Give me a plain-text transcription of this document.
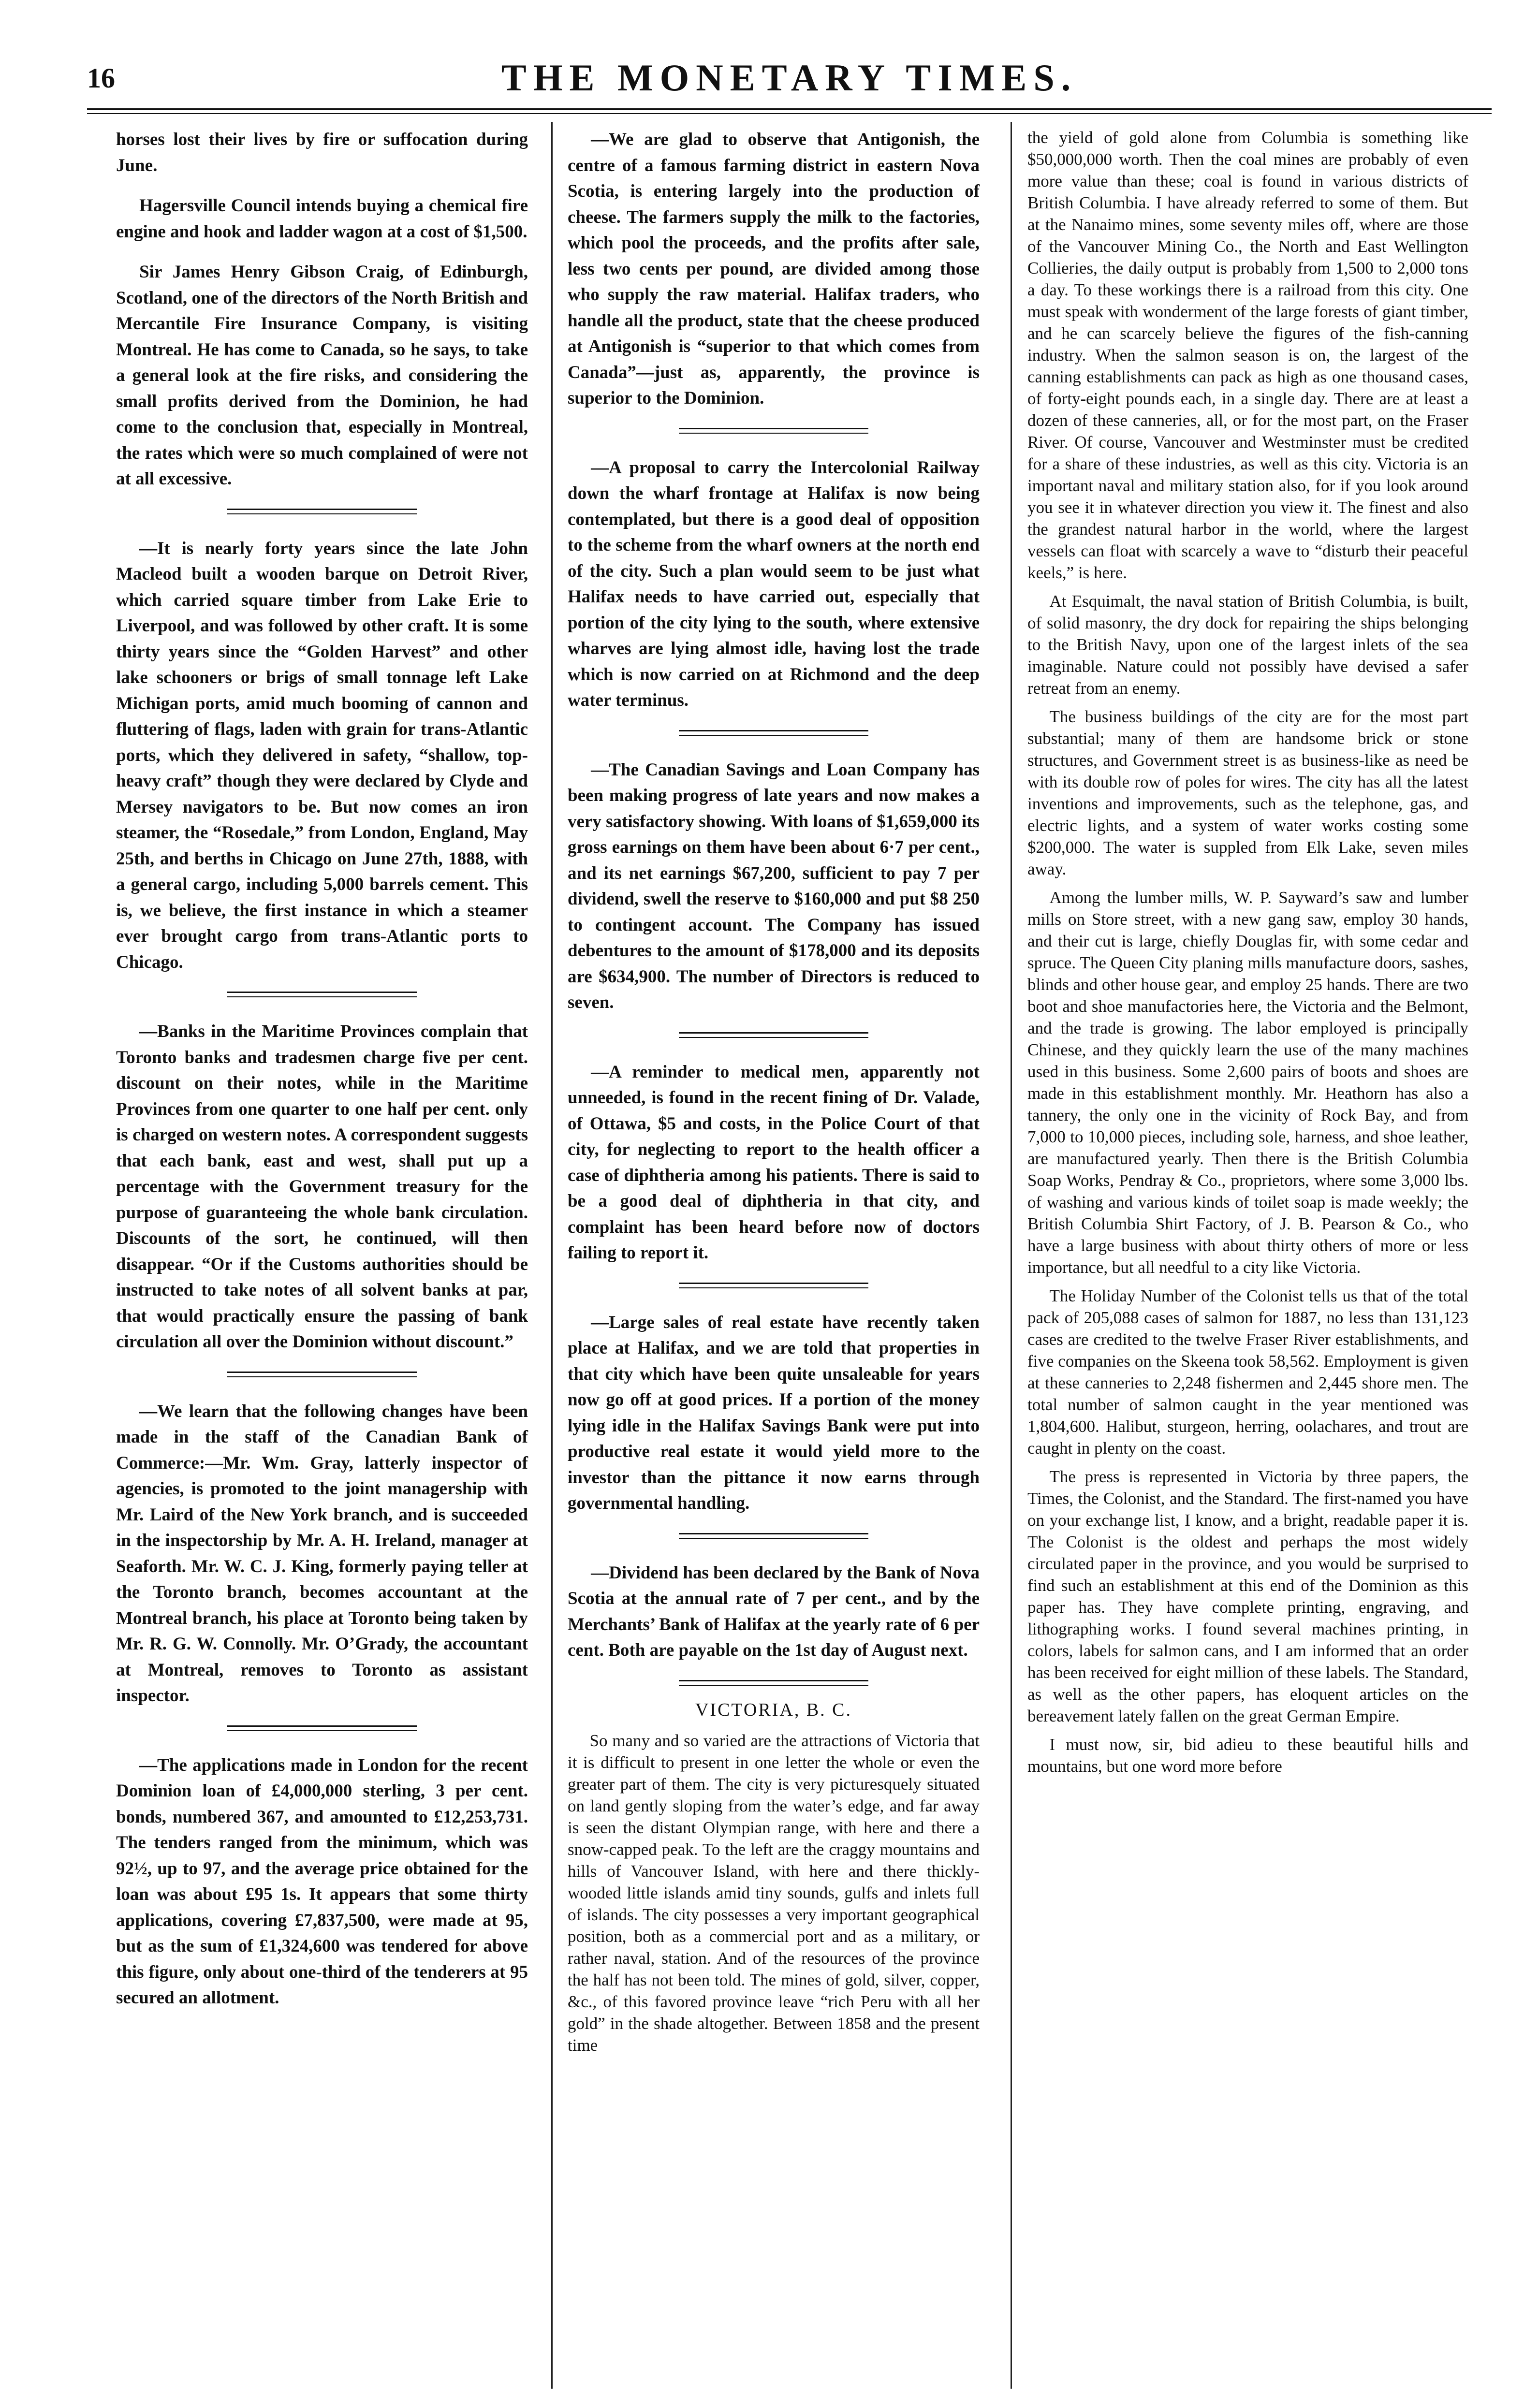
16	THE MONETARY TIMES.

horses lost their lives by fire or suffocation during June.

Hagersville Council intends buying a chemical fire engine and hook and ladder wagon at a cost of $1,500.

Sir James Henry Gibson Craig, of Edinburgh, Scotland, one of the directors of the North British and Mercantile Fire Insurance Company, is visiting Montreal. He has come to Canada, so he says, to take a general look at the fire risks, and considering the small profits derived from the Dominion, he had come to the conclusion that, especially in Montreal, the rates which were so much complained of were not at all excessive.

—It is nearly forty years since the late John Macleod built a wooden barque on Detroit River, which carried square timber from Lake Erie to Liverpool, and was followed by other craft. It is some thirty years since the “Golden Harvest” and other lake schooners or brigs of small tonnage left Lake Michigan ports, amid much booming of cannon and fluttering of flags, laden with grain for trans-Atlantic ports, which they delivered in safety, “shallow, top-heavy craft” though they were declared by Clyde and Mersey navigators to be. But now comes an iron steamer, the “Rosedale,” from London, England, May 25th, and berths in Chicago on June 27th, 1888, with a general cargo, including 5,000 barrels cement. This is, we believe, the first instance in which a steamer ever brought cargo from trans-Atlantic ports to Chicago.

—Banks in the Maritime Provinces complain that Toronto banks and tradesmen charge five per cent. discount on their notes, while in the Maritime Provinces from one quarter to one half per cent. only is charged on western notes. A correspondent suggests that each bank, east and west, shall put up a percentage with the Government treasury for the purpose of guaranteeing the whole bank circulation. Discounts of the sort, he continued, will then disappear. “Or if the Customs authorities should be instructed to take notes of all solvent banks at par, that would practically ensure the passing of bank circulation all over the Dominion without discount.”

—We learn that the following changes have been made in the staff of the Canadian Bank of Commerce:—Mr. Wm. Gray, latterly inspector of agencies, is promoted to the joint managership with Mr. Laird of the New York branch, and is succeeded in the inspectorship by Mr. A. H. Ireland, manager at Seaforth. Mr. W. C. J. King, formerly paying teller at the Toronto branch, becomes accountant at the Montreal branch, his place at Toronto being taken by Mr. R. G. W. Connolly. Mr. O’Grady, the accountant at Montreal, removes to Toronto as assistant inspector.

—The applications made in London for the recent Dominion loan of £4,000,000 sterling, 3 per cent. bonds, numbered 367, and amounted to £12,253,731. The tenders ranged from the minimum, which was 92½, up to 97, and the average price obtained for the loan was about £95 1s. It appears that some thirty applications, covering £7,837,500, were made at 95, but as the sum of £1,324,600 was tendered for above this figure, only about one-third of the tenderers at 95 secured an allotment.

—We are glad to observe that Antigonish, the centre of a famous farming district in eastern Nova Scotia, is entering largely into the production of cheese. The farmers supply the milk to the factories, which pool the proceeds, and the profits after sale, less two cents per pound, are divided among those who supply the raw material. Halifax traders, who handle all the product, state that the cheese produced at Antigonish is “superior to that which comes from Canada”—just as, apparently, the province is superior to the Dominion.

—A proposal to carry the Intercolonial Railway down the wharf frontage at Halifax is now being contemplated, but there is a good deal of opposition to the scheme from the wharf owners at the north end of the city. Such a plan would seem to be just what Halifax needs to have carried out, especially that portion of the city lying to the south, where extensive wharves are lying almost idle, having lost the trade which is now carried on at Richmond and the deep water terminus.

—The Canadian Savings and Loan Company has been making progress of late years and now makes a very satisfactory showing. With loans of $1,659,000 its gross earnings on them have been about 6·7 per cent., and its net earnings $67,200, sufficient to pay 7 per dividend, swell the reserve to $160,000 and put $8 250 to contingent account. The Company has issued debentures to the amount of $178,000 and its deposits are $634,900. The number of Directors is reduced to seven.

—A reminder to medical men, apparently not unneeded, is found in the recent fining of Dr. Valade, of Ottawa, $5 and costs, in the Police Court of that city, for neglecting to report to the health officer a case of diphtheria among his patients. There is said to be a good deal of diphtheria in that city, and complaint has been heard before now of doctors failing to report it.

—Large sales of real estate have recently taken place at Halifax, and we are told that properties in that city which have been quite unsaleable for years now go off at good prices. If a portion of the money lying idle in the Halifax Savings Bank were put into productive real estate it would yield more to the investor than the pittance it now earns through governmental handling.

—Dividend has been declared by the Bank of Nova Scotia at the annual rate of 7 per cent., and by the Merchants’ Bank of Halifax at the yearly rate of 6 per cent. Both are payable on the 1st day of August next.

VICTORIA, B. C.

So many and so varied are the attractions of Victoria that it is difficult to present in one letter the whole or even the greater part of them. The city is very picturesquely situated on land gently sloping from the water’s edge, and far away is seen the distant Olympian range, with here and there a snow-capped peak. To the left are the craggy mountains and hills of Vancouver Island, with here and there thickly-wooded little islands amid tiny sounds, gulfs and inlets full of islands. The city possesses a very important geographical position, both as a commercial port and as a military, or rather naval, station. And of the resources of the province the half has not been told. The mines of gold, silver, copper, &c., of this favored province leave “rich Peru with all her gold” in the shade altogether. Between 1858 and the present time

the yield of gold alone from Columbia is something like $50,000,000 worth. Then the coal mines are probably of even more value than these; coal is found in various districts of British Columbia. I have already referred to some of them. But at the Nanaimo mines, some seventy miles off, where are those of the Vancouver Mining Co., the North and East Wellington Collieries, the daily output is probably from 1,500 to 2,000 tons a day. To these workings there is a railroad from this city. One must speak with wonderment of the large forests of giant timber, and he can scarcely believe the figures of the fish-canning industry. When the salmon season is on, the largest of the canning establishments can pack as high as one thousand cases, of forty-eight pounds each, in a single day. There are at least a dozen of these canneries, all, or for the most part, on the Fraser River. Of course, Vancouver and Westminster must be credited for a share of these industries, as well as this city. Victoria is an important naval and military station also, for if you look around you see it in whatever direction you view it. The finest and also the grandest natural harbor in the world, where the largest vessels can float with scarcely a wave to “disturb their peaceful keels,” is here.

At Esquimalt, the naval station of British Columbia, is built, of solid masonry, the dry dock for repairing the ships belonging to the British Navy, upon one of the largest inlets of the sea imaginable. Nature could not possibly have devised a safer retreat from an enemy.

The business buildings of the city are for the most part substantial; many of them are handsome brick or stone structures, and Government street is as business-like as need be with its double row of poles for wires. The city has all the latest inventions and improvements, such as the telephone, gas, and electric lights, and a system of water works costing some $200,000. The water is suppled from Elk Lake, seven miles away.

Among the lumber mills, W. P. Sayward’s saw and lumber mills on Store street, with a new gang saw, employ 30 hands, and their cut is large, chiefly Douglas fir, with some cedar and spruce. The Queen City planing mills manufacture doors, sashes, blinds and other house gear, and employ 25 hands. There are two boot and shoe manufactories here, the Victoria and the Belmont, and the trade is growing. The labor employed is principally Chinese, and they quickly learn the use of the many machines used in this business. Some 2,600 pairs of boots and shoes are made in this establishment monthly. Mr. Heathorn has also a tannery, the only one in the vicinity of Rock Bay, and from 7,000 to 10,000 pieces, including sole, harness, and shoe leather, are manufactured yearly. Then there is the British Columbia Soap Works, Pendray & Co., proprietors, where some 3,000 lbs. of washing and various kinds of toilet soap is made weekly; the British Columbia Shirt Factory, of J. B. Pearson & Co., who have a large business with about thirty others of more or less importance, but all needful to a city like Victoria.

The Holiday Number of the Colonist tells us that of the total pack of 205,088 cases of salmon for 1887, no less than 131,123 cases are credited to the twelve Fraser River establishments, and five companies on the Skeena took 58,562. Employment is given at these canneries to 2,248 fishermen and 2,445 shore men. The total number of salmon caught in the year mentioned was 1,804,600. Halibut, sturgeon, herring, oolachares, and trout are caught in plenty on the coast.

The press is represented in Victoria by three papers, the Times, the Colonist, and the Standard. The first-named you have on your exchange list, I know, and a bright, readable paper it is. The Colonist is the oldest and perhaps the most widely circulated paper in the province, and you would be surprised to find such an establishment at this end of the Dominion as this paper has. They have complete printing, engraving, and lithographing works. I found several machines printing, in colors, labels for salmon cans, and I am informed that an order has been received for eight million of these labels. The Standard, as well as the other papers, has eloquent articles on the bereavement lately fallen on the great German Empire.

I must now, sir, bid adieu to these beautiful hills and mountains, but one word more before
